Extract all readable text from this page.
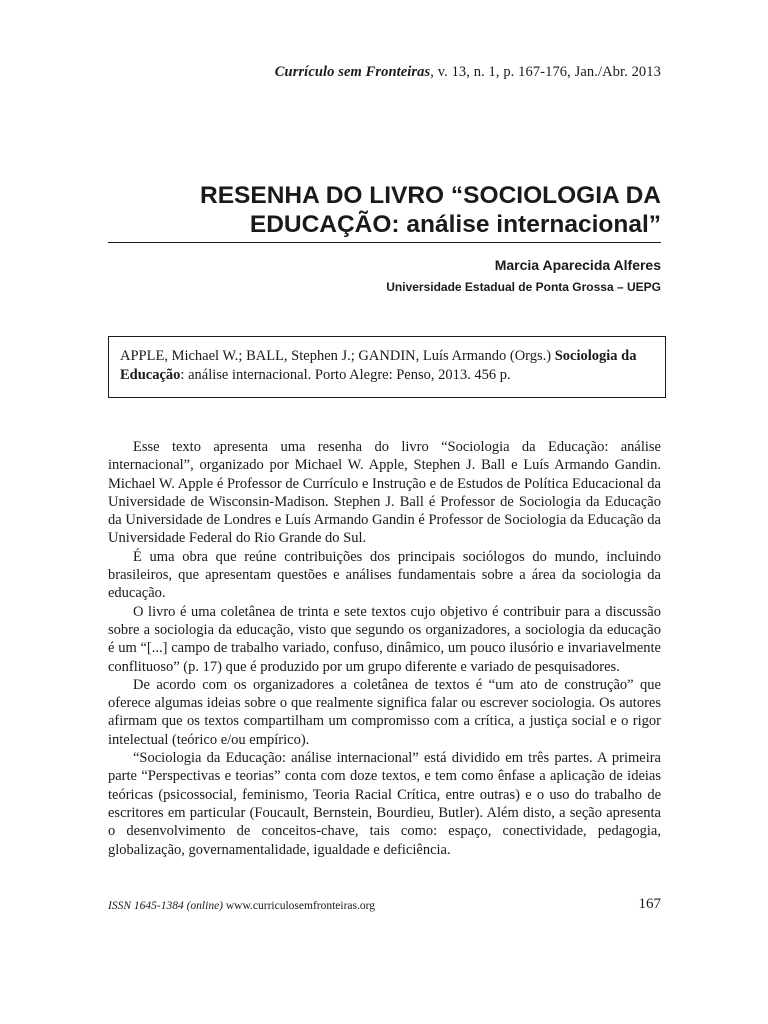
Currículo sem Fronteiras, v. 13, n. 1, p. 167-176, Jan./Abr. 2013
RESENHA DO LIVRO “SOCIOLOGIA DA
EDUCAÇÃO: análise internacional”
Marcia Aparecida Alferes
Universidade Estadual de Ponta Grossa – UEPG
APPLE, Michael W.; BALL, Stephen J.; GANDIN, Luís Armando (Orgs.) Sociologia da Educação: análise internacional. Porto Alegre: Penso, 2013. 456 p.

Esse texto apresenta uma resenha do livro “Sociologia da Educação: análise internacional”, organizado por Michael W. Apple, Stephen J. Ball e Luís Armando Gandin. Michael W. Apple é Professor de Currículo e Instrução e de Estudos de Política Educacional da Universidade de Wisconsin-Madison. Stephen J. Ball é Professor de Sociologia da Educação da Universidade de Londres e Luís Armando Gandin é Professor de Sociologia da Educação da Universidade Federal do Rio Grande do Sul.

É uma obra que reúne contribuições dos principais sociólogos do mundo, incluindo brasileiros, que apresentam questões e análises fundamentais sobre a área da sociologia da educação.

O livro é uma coletânea de trinta e sete textos cujo objetivo é contribuir para a discussão sobre a sociologia da educação, visto que segundo os organizadores, a sociologia da educação é um “[...] campo de trabalho variado, confuso, dinâmico, um pouco ilusório e invariavelmente conflituoso” (p. 17) que é produzido por um grupo diferente e variado de pesquisadores.

De acordo com os organizadores a coletânea de textos é “um ato de construção” que oferece algumas ideias sobre o que realmente significa falar ou escrever sociologia. Os autores afirmam que os textos compartilham um compromisso com a crítica, a justiça social e o rigor intelectual (teórico e/ou empírico).

“Sociologia da Educação: análise internacional” está dividido em três partes. A primeira parte “Perspectivas e teorias” conta com doze textos, e tem como ênfase a aplicação de ideias teóricas (psicossocial, feminismo, Teoria Racial Crítica, entre outras) e o uso do trabalho de escritores em particular (Foucault, Bernstein, Bourdieu, Butler). Além disto, a seção apresenta o desenvolvimento de conceitos-chave, tais como: espaço, conectividade, pedagogia, globalização, governamentalidade, igualdade e deficiência.

ISSN 1645-1384 (online) www.curriculosemfronteiras.org	167
